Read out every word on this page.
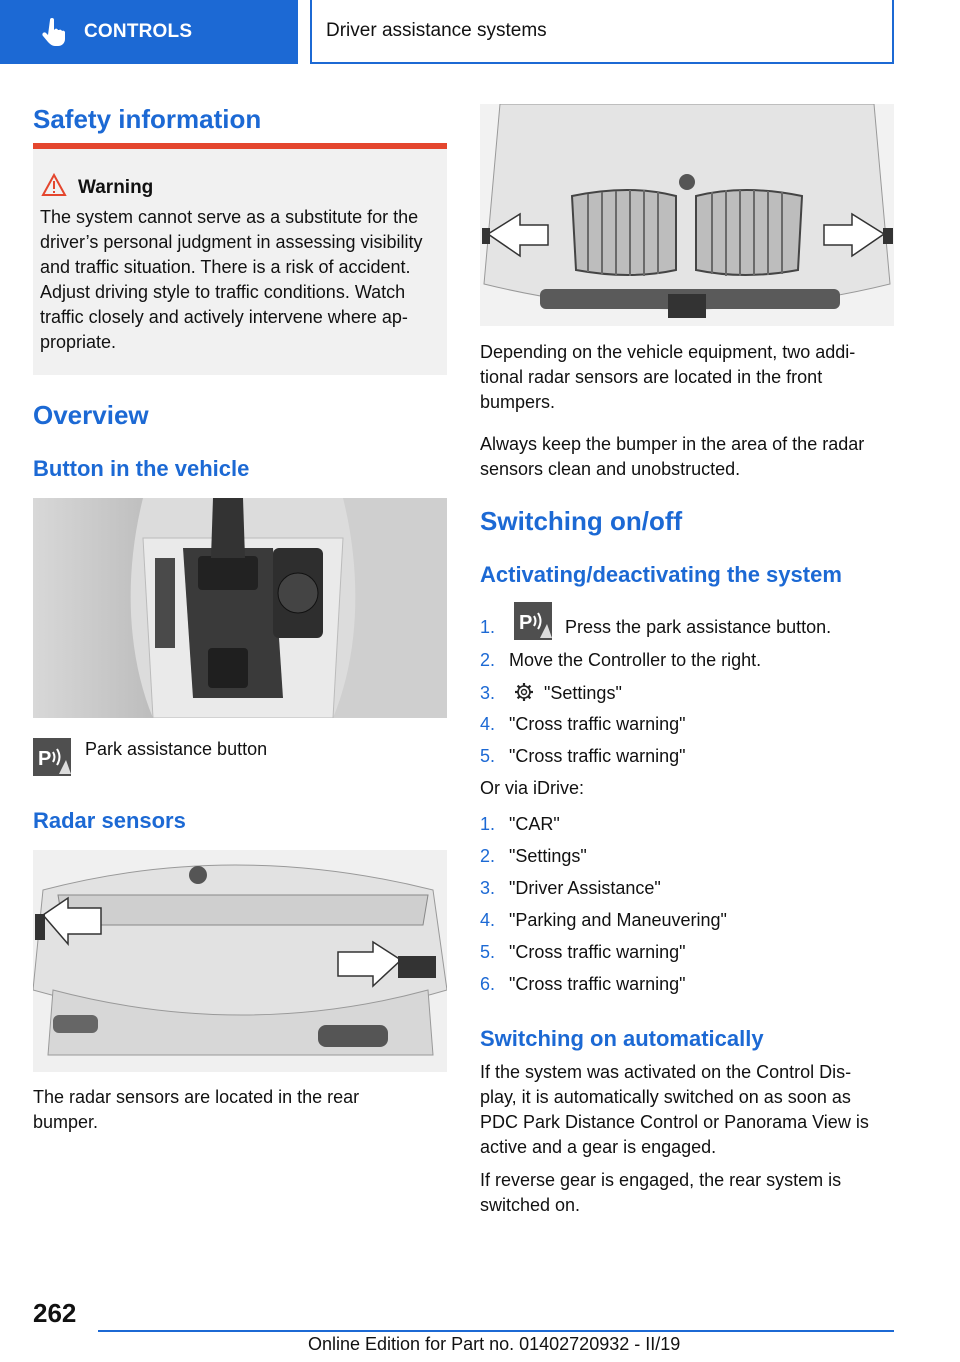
CONTROLS	Driver assistance systems
Safety information
Warning
The system cannot serve as a substitute for the
driver’s personal judgment in assessing visibility
and traffic situation. There is a risk of accident.
Adjust driving style to traffic conditions. Watch
traffic closely and actively intervene where ap‐
propriate.
Overview
Button in the vehicle
P Park assistance button
Radar sensors
The radar sensors are located in the rear
bumper.
Depending on the vehicle equipment, two addi‐
tional radar sensors are located in the front
bumpers.
Always keep the bumper in the area of the radar
sensors clean and unobstructed.
Switching on/off
Activating/deactivating the system
1. P Press the park assistance button.
2. Move the Controller to the right.
3.	"Settings"
4. "Cross traffic warning"
5. "Cross traffic warning"
Or via iDrive:
1. "CAR"
2. "Settings"
3. "Driver Assistance"
4. "Parking and Maneuvering"
5. "Cross traffic warning"
6. "Cross traffic warning"
Switching on automatically
If the system was activated on the Control Dis‐
play, it is automatically switched on as soon as
PDC Park Distance Control or Panorama View is
active and a gear is engaged.
If reverse gear is engaged, the rear system is
switched on.
262
Online Edition for Part no. 01402720932 - II/19
